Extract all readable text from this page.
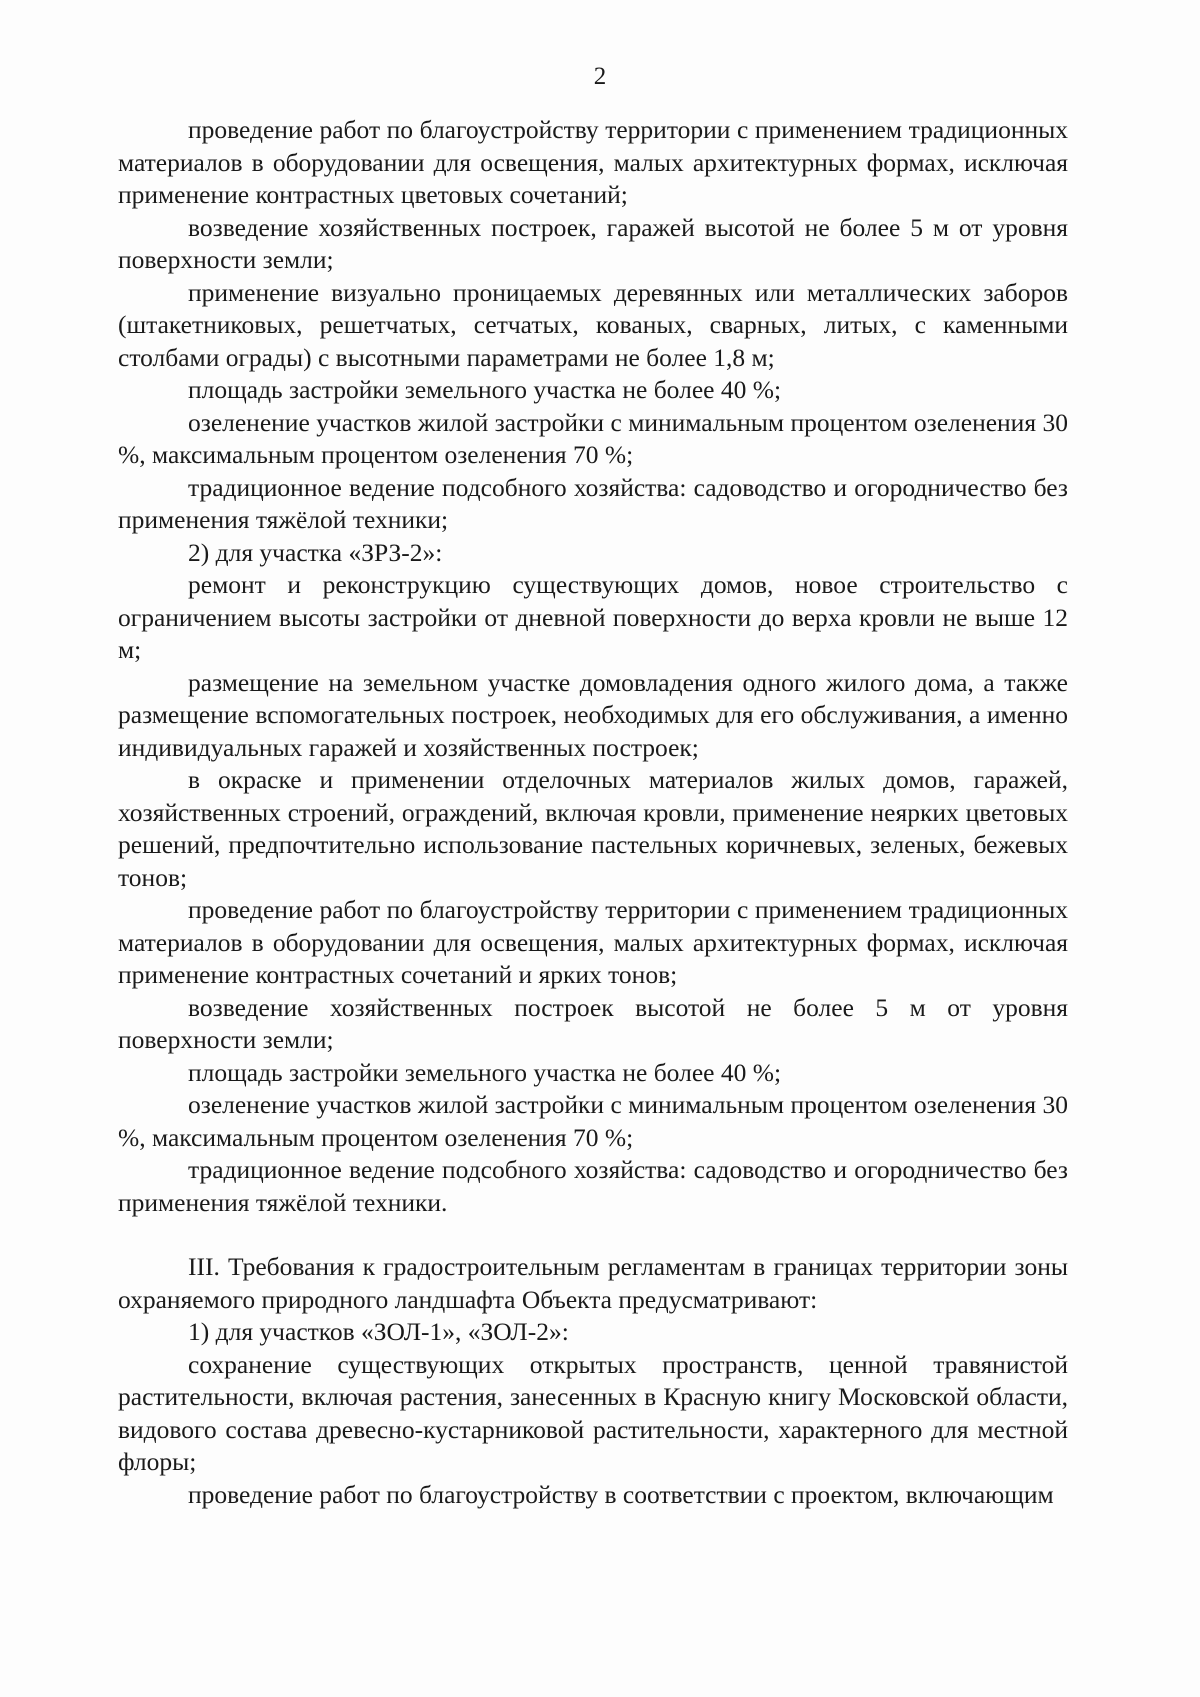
2

проведение работ по благоустройству территории с применением традиционных материалов в оборудовании для освещения, малых архитектурных формах, исключая применение контрастных цветовых сочетаний;

возведение хозяйственных построек, гаражей высотой не более 5 м от уровня поверхности земли;

применение визуально проницаемых деревянных или металлических заборов (штакетниковых, решетчатых, сетчатых, кованых, сварных, литых, с каменными столбами ограды) с высотными параметрами не более 1,8 м;

площадь застройки земельного участка не более 40 %;

озеленение участков жилой застройки с минимальным процентом озеленения 30 %, максимальным процентом озеленения 70 %;

традиционное ведение подсобного хозяйства: садоводство и огородничество без применения тяжёлой техники;

2) для участка «ЗРЗ-2»:

ремонт и реконструкцию существующих домов, новое строительство с ограничением высоты застройки от дневной поверхности до верха кровли не выше 12 м;

размещение на земельном участке домовладения одного жилого дома, а также размещение вспомогательных построек, необходимых для его обслуживания, а именно индивидуальных гаражей и хозяйственных построек;

в окраске и применении отделочных материалов жилых домов, гаражей, хозяйственных строений, ограждений, включая кровли, применение неярких цветовых решений, предпочтительно использование пастельных коричневых, зеленых, бежевых тонов;

проведение работ по благоустройству территории с применением традиционных материалов в оборудовании для освещения, малых архитектурных формах, исключая применение контрастных сочетаний и ярких тонов;

возведение хозяйственных построек высотой не более 5 м от уровня поверхности земли;

площадь застройки земельного участка не более 40 %;

озеленение участков жилой застройки с минимальным процентом озеленения 30 %, максимальным процентом озеленения 70 %;

традиционное ведение подсобного хозяйства: садоводство и огородничество без применения тяжёлой техники.

III. Требования к градостроительным регламентам в границах территории зоны охраняемого природного ландшафта Объекта предусматривают:

1) для участков «ЗОЛ-1», «ЗОЛ-2»:

сохранение существующих открытых пространств, ценной травянистой растительности, включая растения, занесенных в Красную книгу Московской области, видового состава древесно-кустарниковой растительности, характерного для местной флоры;

проведение работ по благоустройству в соответствии с проектом, включающим
